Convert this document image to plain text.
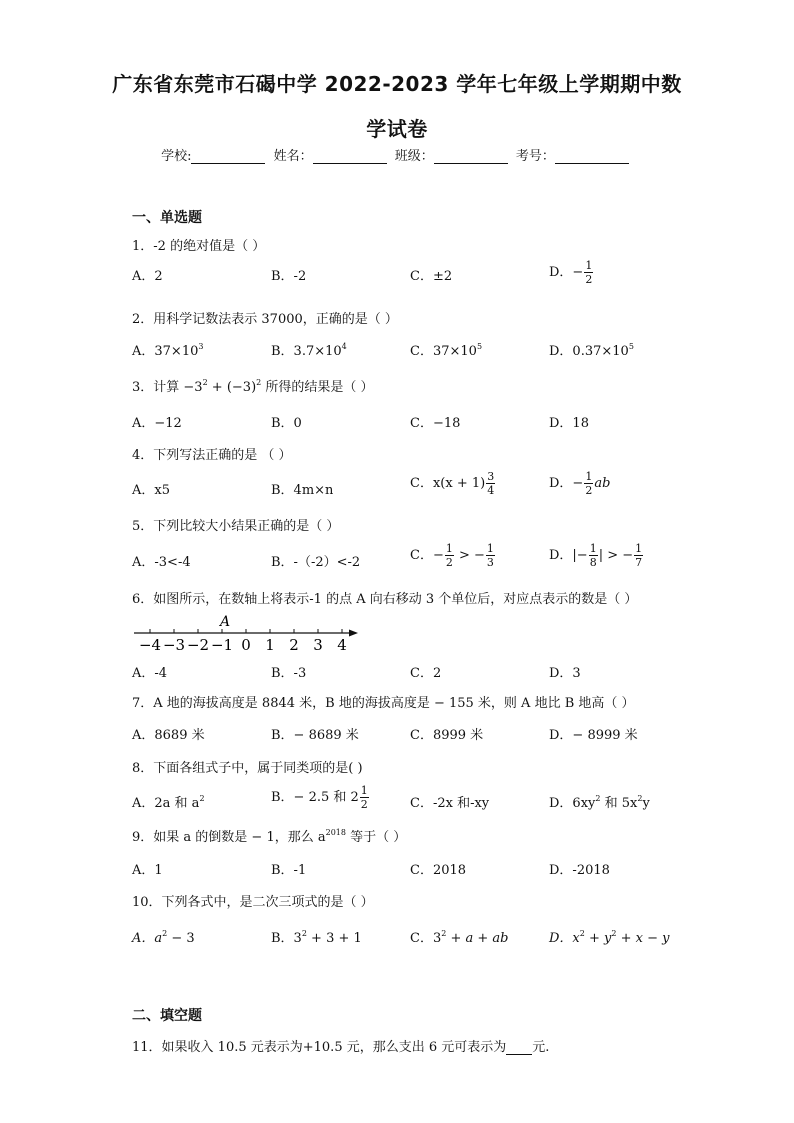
广东省东莞市石碣中学 2022-2023 学年七年级上学期期中数
学试卷
学校:	姓名：	班级：	考号：
一、单选题
1．-2 的绝对值是（ ）
A．2	B．-2	C．±2	D．− $\frac{1}{2}$
2．用科学记数法表示 37000，正确的是（ ）
A．$37\times 10^3$	B．$3.7\times 10^4$	C．$37\times 10^5$	D．$0.37\times 10^5$
3．计算 $-3^2 + (-3)^2$ 所得的结果是（ ）
A．−12	B．0	C．−18	D．18
4．下列写法正确的是 （ ）
A．x5	B．4m×n	C．$x(x + 1) \frac{3}{4}$	D．− $\frac{1}{2}$ ab
5．下列比较大小结果正确的是（ ）
A．-3<-4	B．-（-2）<-2	C．− $\frac{1}{2}$ > − $\frac{1}{3}$	D．|− $\frac{1}{8}$ | > − $\frac{1}{7}$
6．如图所示，在数轴上将表示-1 的点 A 向右移动 3 个单位后，对应点表示的数是（ ）
−4 −3 −2 −1 0 1 2 3 4
A
A．-4	B．-3	C．2	D．3
7．A 地的海拔高度是 8844 米，B 地的海拔高度是 − 155 米，则 A 地比 B 地高（ ）
A．8689 米	B．− 8689 米	C．8999 米	D．− 8999 米
8．下面各组式子中，属于同类项的是( )
A．2a 和 $a^2$	B．− 2.5 和 $2 \frac{1}{2}$	C．-2x 和-xy	D．$6xy^2$ 和 $5x^2y$
9．如果 a 的倒数是 − 1，那么 $a^{2018}$ 等于（ ）
A．1	B．-1	C．2018	D．-2018
10．下列各式中，是二次三项式的是（ ）
A．$a^2 - 3$	B．$3^2 + 3 + 1$	C．$3^2 + a$ + ab	D．$x^2 + y^2 + x - y$
二、填空题
11．如果收入 10.5 元表示为+10.5 元，那么支出 6 元可表示为 元.
